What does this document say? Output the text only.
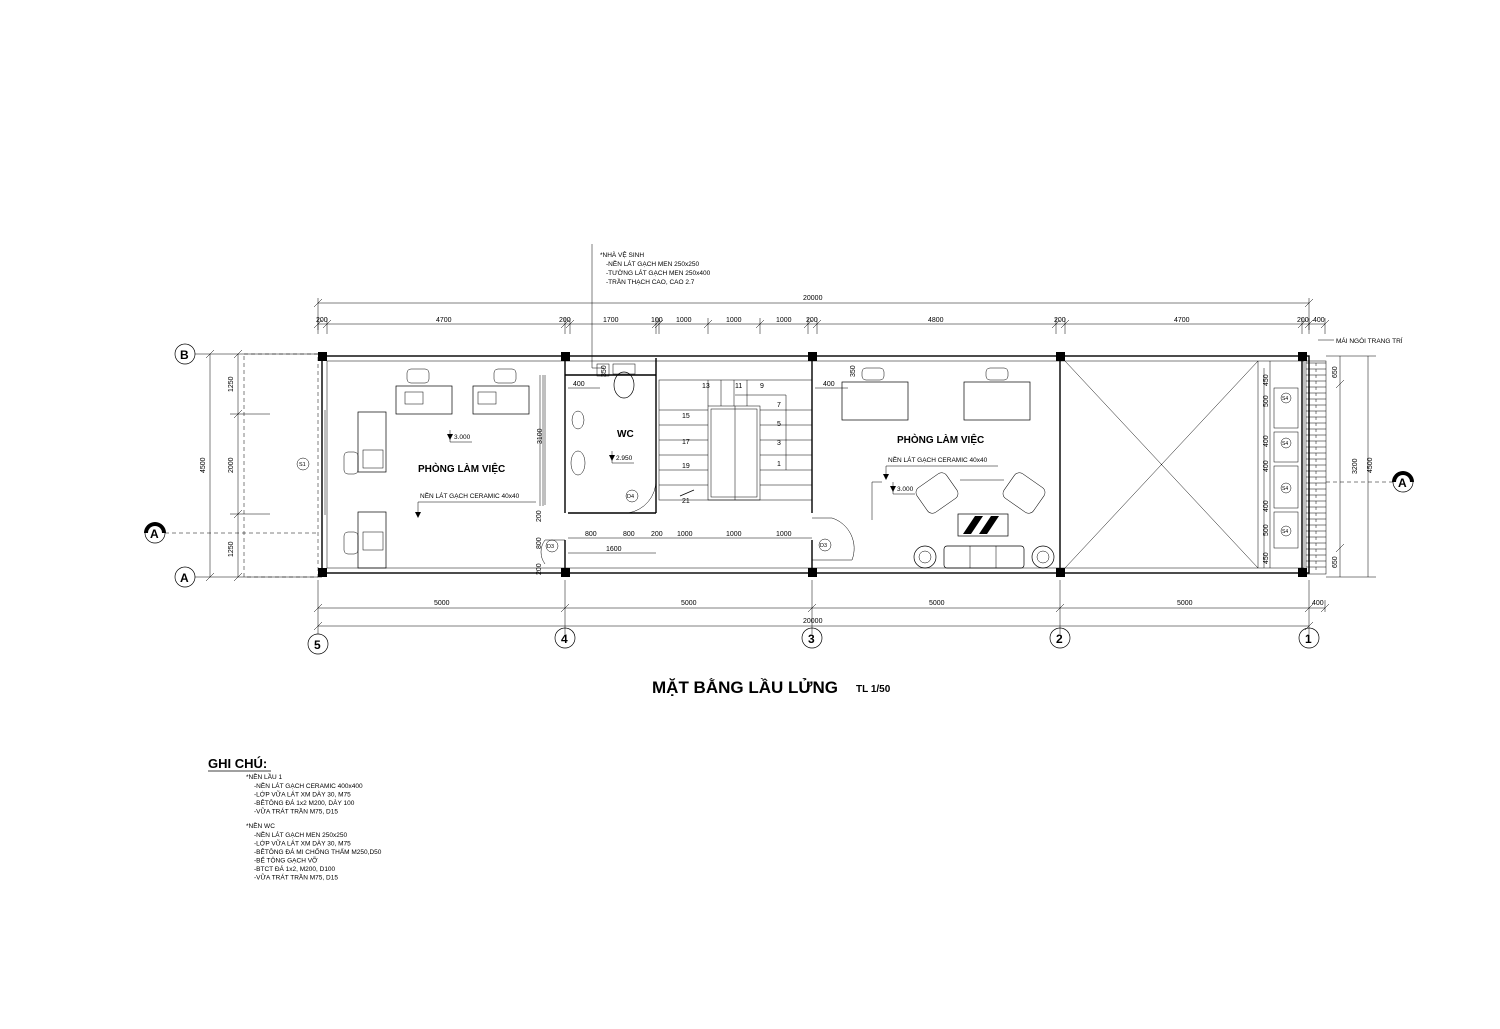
*NHÀ VỆ SINH
-NỀN LÁT GẠCH MEN 250x250
-TƯỜNG LÁT GẠCH MEN 250x400
-TRẦN THẠCH CAO, CAO 2.7
20000
200	4700	200	1700	100 1000	1000	1000 200	4800	200	4700	200 400
B
A
4500
1250
2000
1250
A
A
1
3
5
7
9
11
13
15
17
19
21
MÁI NGÓI TRANG TRÍ
S4
S4
S4
S4
650
3200
650
4500
450
500
400
400
400
500
450
400
350
400
350
3100
800	800 200 1000	1000	1000
1600
200
800
200
D3	D3
D4
S1	PHÒNG LÀM VIỆC
WC
PHÒNG LÀM VIỆC
NỀN LÁT GẠCH CERAMIC 40x40
NỀN LÁT GẠCH CERAMIC 40x40
3.000
2.950
3.000
5000	5000	5000	5000	400
20000
5	4	3	2	1
MẶT BẰNG LẦU LỬNG TL 1/50
GHI CHÚ:
*NỀN LẦU 1
-NỀN LÁT GẠCH CERAMIC 400x400
-LỚP VỮA LÁT XM DÀY 30, M75
-BÊTÔNG ĐÁ 1x2 M200, DÀY 100
-VỮA TRÁT TRẦN M75, D15
*NỀN WC
-NỀN LÁT GẠCH MEN 250x250
-LỚP VỮA LÁT XM DÀY 30, M75
-BÊTÔNG ĐÁ MI CHỐNG THẤM M250,D50
-BỂ TÔNG GẠCH VỠ
-BTCT ĐÁ 1x2, M200, D100
-VỮA TRÁT TRẦN M75, D15
